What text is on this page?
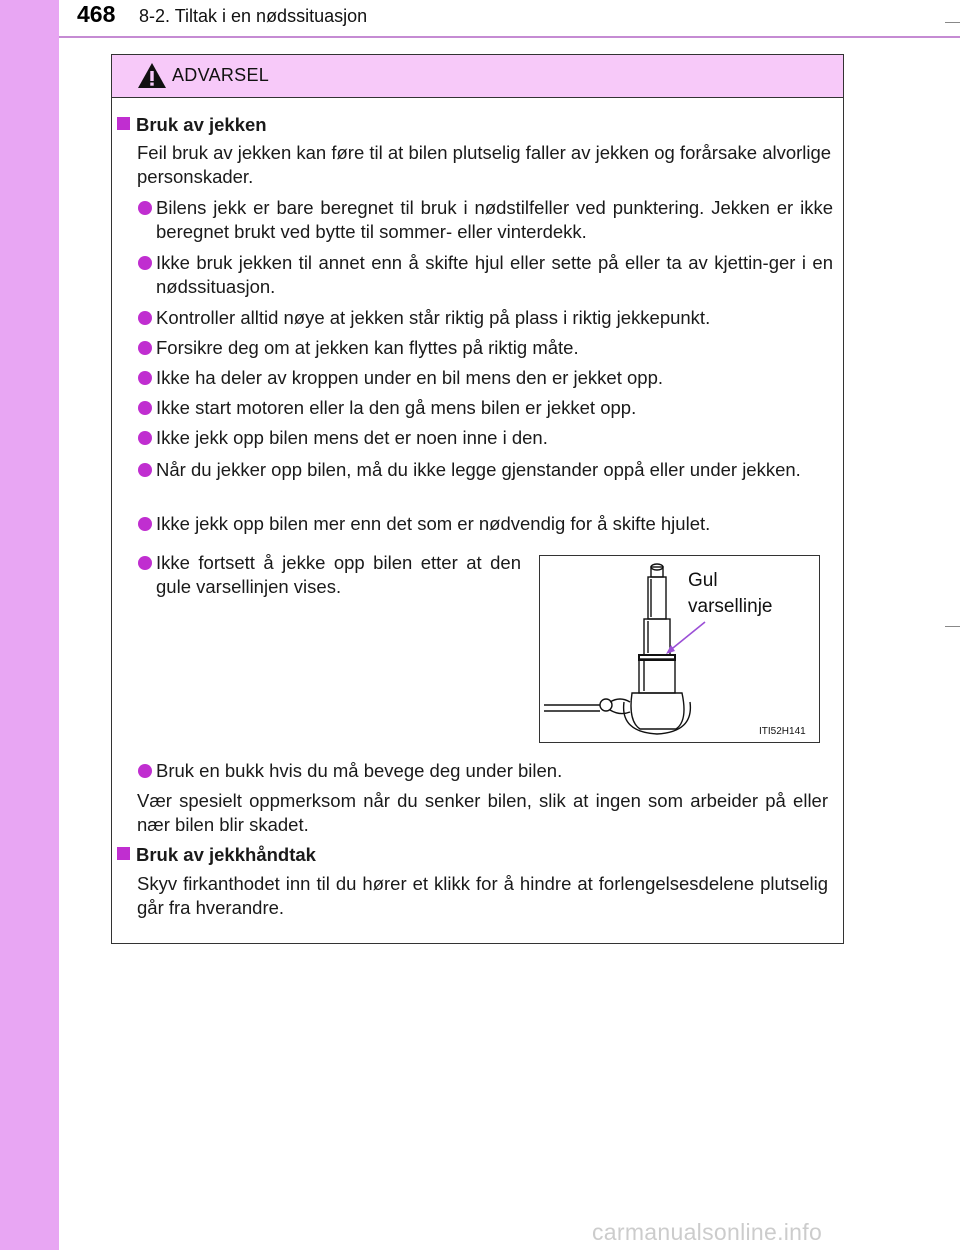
468 8-2. Tiltak i en nødssituasjon
ADVARSEL
Bruk av jekken
Feil bruk av jekken kan føre til at bilen plutselig faller av jekken og forårsake alvorlige personskader.
Bilens jekk er bare beregnet til bruk i nødstilfeller ved punktering. Jekken er ikke beregnet brukt ved bytte til sommer- eller vinterdekk.
Ikke bruk jekken til annet enn å skifte hjul eller sette på eller ta av kjettin-ger i en nødssituasjon.
Kontroller alltid nøye at jekken står riktig på plass i riktig jekkepunkt.
Forsikre deg om at jekken kan flyttes på riktig måte.
Ikke ha deler av kroppen under en bil mens den er jekket opp.
Ikke start motoren eller la den gå mens bilen er jekket opp.
Ikke jekk opp bilen mens det er noen inne i den.
Når du jekker opp bilen, må du ikke legge gjenstander oppå eller under jekken.
Ikke jekk opp bilen mer enn det som er nødvendig for å skifte hjulet.
Ikke fortsett å jekke opp bilen etter at den gule varsellinjen vises.	Gul
varsellinje
ITI52H141
Bruk en bukk hvis du må bevege deg under bilen.
Vær spesielt oppmerksom når du senker bilen, slik at ingen som arbeider på eller nær bilen blir skadet.
Bruk av jekkhåndtak
Skyv firkanthodet inn til du hører et klikk for å hindre at forlengelsesdelene plutselig går fra hverandre.
carmanualsonline.info
